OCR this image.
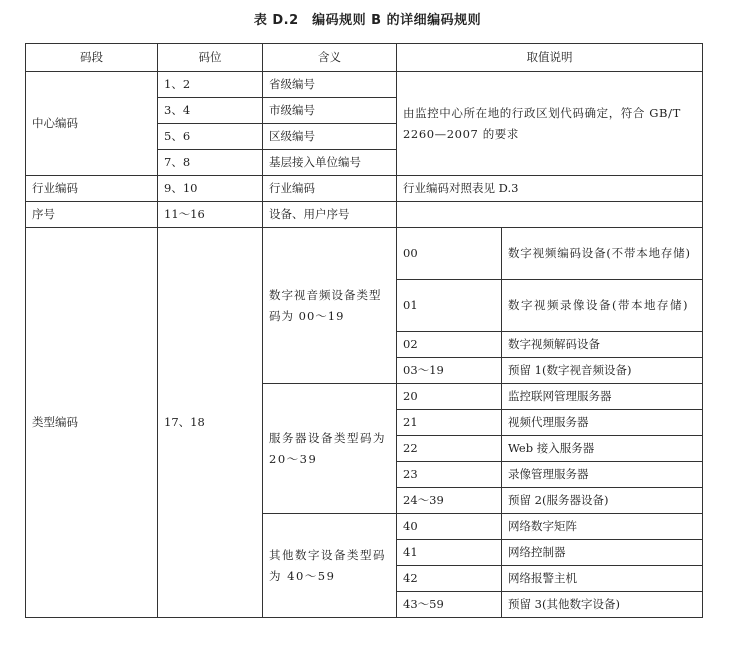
表 D.2　编码规则 B 的详细编码规则
码段	码位	含义	取值说明	
中心编码	1、2	省级编号	由监控中心所在地的行政区划代码确定，符合 GB/T 2260—2007 的要求	
	3、4	市级编号		
	5、6	区级编号		
	7、8	基层接入单位编号		
行业编码	9、10	行业编码	行业编码对照表见 D.3	
序号	11～16	设备、用户序号		
类型编码	17、18	数字视音频设备类型码为 00～19	00	数字视频编码设备(不带本地存储)
			01	数字视频录像设备(带本地存储)
			02	数字视频解码设备
			03～19	预留 1(数字视音频设备)
		服务器设备类型码为 20～39	20	监控联网管理服务器
			21	视频代理服务器
			22	Web 接入服务器
			23	录像管理服务器
			24～39	预留 2(服务器设备)
		其他数字设备类型码为 40～59	40	网络数字矩阵
			41	网络控制器
			42	网络报警主机
			43～59	预留 3(其他数字设备)
